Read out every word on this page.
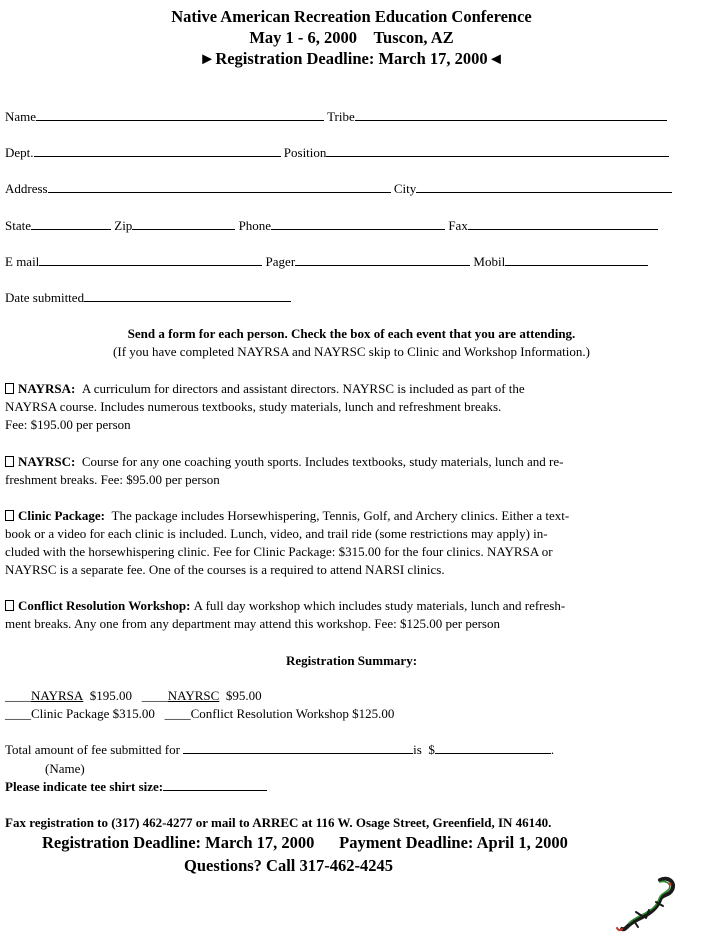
Native American Recreation Education Conference
May 1 - 6, 2000 Tuscon, AZ
►Registration Deadline: March 17, 2000◄
Name	Tribe
Dept.	Position
Address	City
State	Zip	Phone	Fax
E mail	Pager	Mobil
Date submitted
Send a form for each person. Check the box of each event that you are attending.
(If you have completed NAYRSA and NAYRSC skip to Clinic and Workshop Information.)
NAYRSA: A curriculum for directors and assistant directors. NAYRSC is included as part of the
NAYRSA course. Includes numerous textbooks, study materials, lunch and refreshment breaks.
Fee: $195.00 per person
NAYRSC: Course for any one coaching youth sports. Includes textbooks, study materials, lunch and re-
freshment breaks. Fee: $95.00 per person
Clinic Package: The package includes Horsewhispering, Tennis, Golf, and Archery clinics. Either a text-
book or a video for each clinic is included. Lunch, video, and trail ride (some restrictions may apply) in-
cluded with the horsewhispering clinic. Fee for Clinic Package: $315.00 for the four clinics. NAYRSA or
NAYRSC is a separate fee. One of the courses is a required to attend NARSI clinics.
Conflict Resolution Workshop: A full day workshop which includes study materials, lunch and refresh-
ment breaks. Any one from any department may attend this workshop. Fee: $125.00 per person
Registration Summary:
____NAYRSA $195.00 ____NAYRSC $95.00
____Clinic Package $315.00 ____Conflict Resolution Workshop $125.00
Total amount of fee submitted for	is $	.
(Name)
Please indicate tee shirt size:
Fax registration to (317) 462-4277 or mail to ARREC at 116 W. Osage Street, Greenfield, IN 46140.
Registration Deadline: March 17, 2000 Payment Deadline: April 1, 2000
Questions? Call 317-462-4245
